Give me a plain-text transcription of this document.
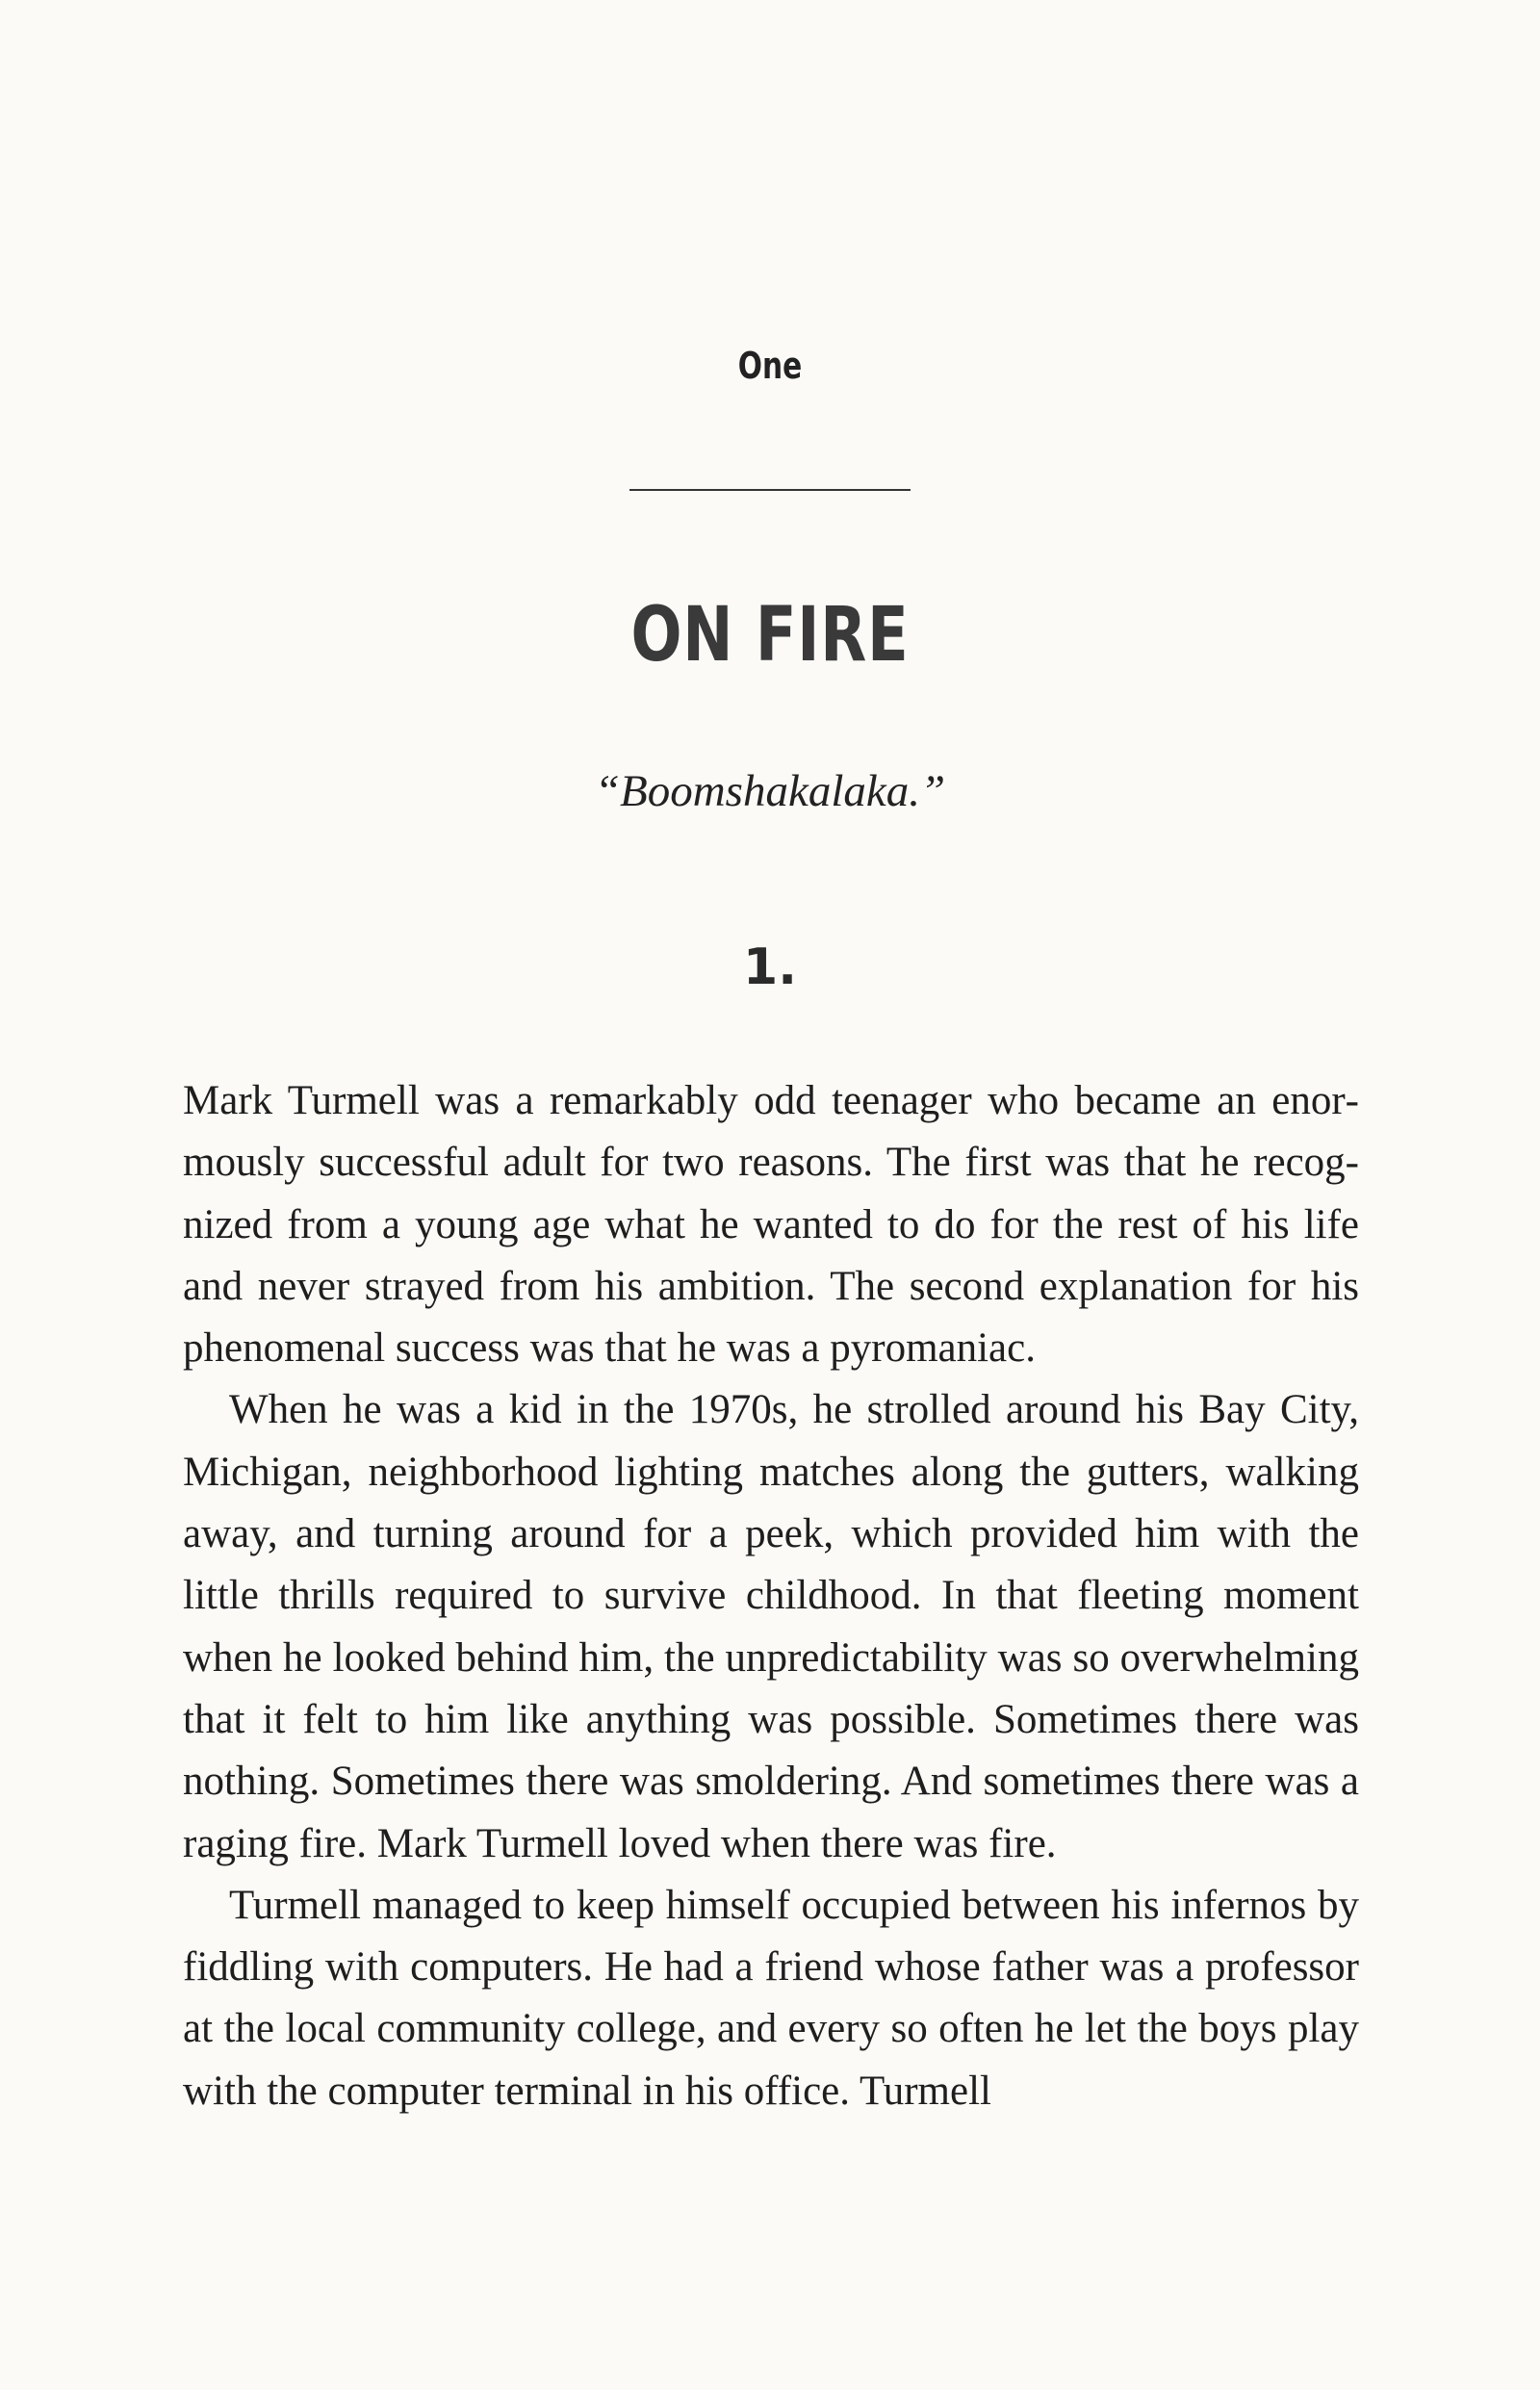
One
ON FIRE
“Boomshakalaka.”
1.

Mark Turmell was a remarkably odd teenager who became an enormously successful adult for two reasons. The first was that he recognized from a young age what he wanted to do for the rest of his life and never strayed from his ambition. The second explanation for his phenomenal success was that he was a pyromaniac.

When he was a kid in the 1970s, he strolled around his Bay City, Michigan, neighborhood lighting matches along the gutters, walking away, and turning around for a peek, which provided him with the little thrills required to survive childhood. In that fleeting moment when he looked behind him, the unpredictability was so overwhelming that it felt to him like anything was possible. Sometimes there was nothing. Sometimes there was smoldering. And sometimes there was a raging fire. Mark Turmell loved when there was fire.

Turmell managed to keep himself occupied between his infernos by fiddling with computers. He had a friend whose father was a professor at the local community college, and every so often he let the boys play with the computer terminal in his office. Turmell
